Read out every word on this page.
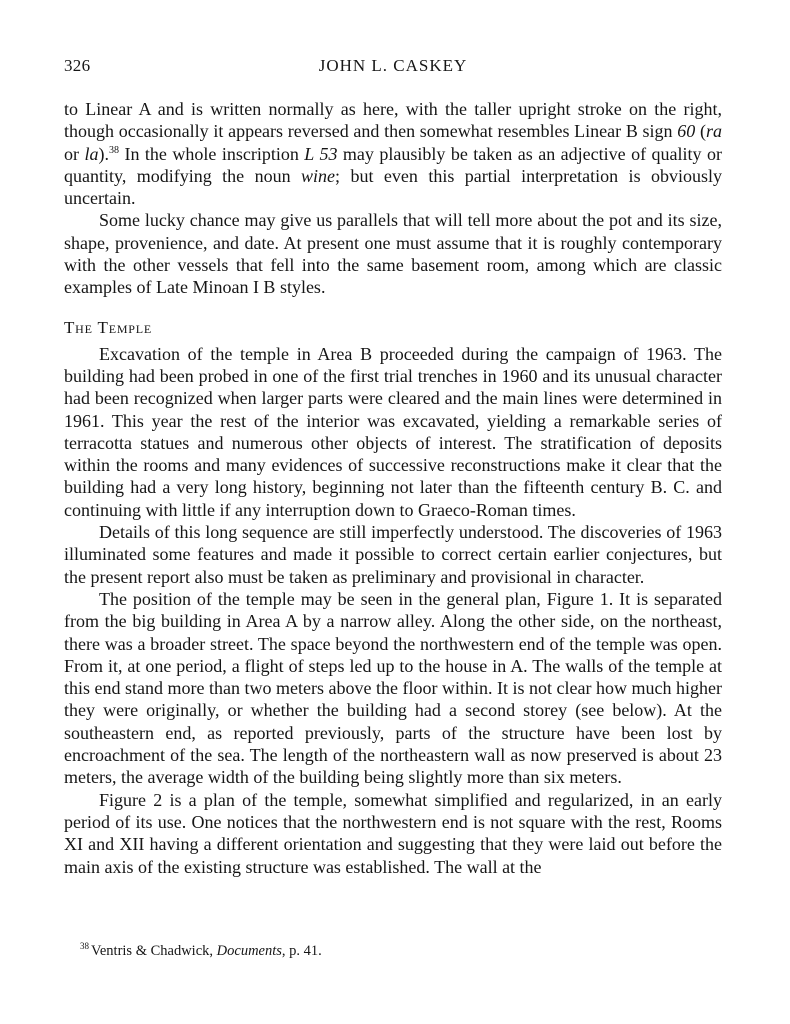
326	JOHN L. CASKEY

to Linear A and is written normally as here, with the taller upright stroke on the right, though occasionally it appears reversed and then somewhat resembles Linear B sign 60 (ra or la).$^{38}$ In the whole inscription L 53 may plausibly be taken as an adjective of quality or quantity, modifying the noun wine; but even this partial interpretation is obviously uncertain.

Some lucky chance may give us parallels that will tell more about the pot and its size, shape, provenience, and date. At present one must assume that it is roughly contemporary with the other vessels that fell into the same basement room, among which are classic examples of Late Minoan I B styles.

The Temple

Excavation of the temple in Area B proceeded during the campaign of 1963. The building had been probed in one of the first trial trenches in 1960 and its unusual character had been recognized when larger parts were cleared and the main lines were determined in 1961. This year the rest of the interior was excavated, yielding a remarkable series of terracotta statues and numerous other objects of interest. The stratification of deposits within the rooms and many evidences of successive reconstructions make it clear that the building had a very long history, beginning not later than the fifteenth century B. C. and continuing with little if any interruption down to Graeco-Roman times.

Details of this long sequence are still imperfectly understood. The discoveries of 1963 illuminated some features and made it possible to correct certain earlier conjectures, but the present report also must be taken as preliminary and provisional in character.

The position of the temple may be seen in the general plan, Figure 1. It is separated from the big building in Area A by a narrow alley. Along the other side, on the northeast, there was a broader street. The space beyond the northwestern end of the temple was open. From it, at one period, a flight of steps led up to the house in A. The walls of the temple at this end stand more than two meters above the floor within. It is not clear how much higher they were originally, or whether the building had a second storey (see below). At the southeastern end, as reported previously, parts of the structure have been lost by encroachment of the sea. The length of the northeastern wall as now preserved is about 23 meters, the average width of the building being slightly more than six meters.

Figure 2 is a plan of the temple, somewhat simplified and regularized, in an early period of its use. One notices that the northwestern end is not square with the rest, Rooms XI and XII having a different orientation and suggesting that they were laid out before the main axis of the existing structure was established. The wall at the

$^{38}$ Ventris & Chadwick, Documents, p. 41.
